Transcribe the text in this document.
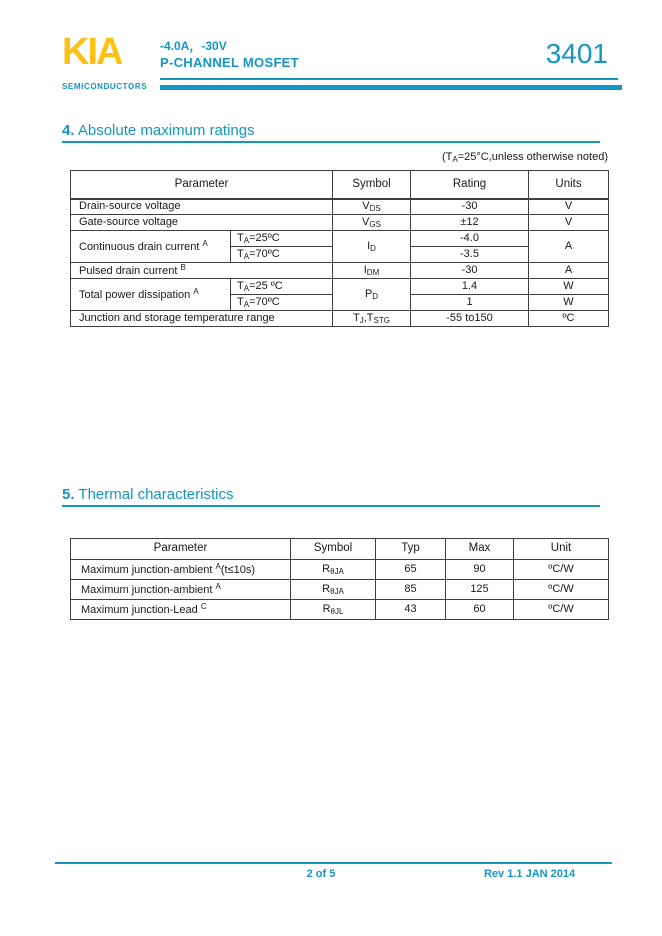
KIA
SEMICONDUCTORS
-4.0A，-30V
P-CHANNEL MOSFET	3401
4. Absolute maximum ratings
($T_A=25^\circ C,unless$ otherwise noted)
Parameter		Symbol	Rating	Units
Drain-source voltage		$V_{DS}$	-30	V
Gate-source voltage		$V_{GS}$	±12	V
Continuous drain current $^A$	$T_A=25ºC$	$I_D$	-4.0	A
	$T_A=70ºC$		-3.5	
Pulsed drain current $^B$		$I_{DM}$	-30	A
Total power dissipation $^A$	$T_A=25$ ºC	$P_D$	1.4	W
	$T_A=70ºC$		1	W
Junction and storage temperature range		$T_J,T_{STG}$	-55 to150	ºC
5. Thermal characteristics
Parameter	Symbol	Typ	Max	Unit
Maximum junction-ambient $^A$(t≤10s)	$R_{\theta JA}$	65	90	ºC/W
Maximum junction-ambient $^A$	$R_{\theta JA}$	85	125	ºC/W
Maximum junction-Lead $^C$	$R_{\theta JL}$	43	60	ºC/W
2 of 5	Rev 1.1 JAN 2014
